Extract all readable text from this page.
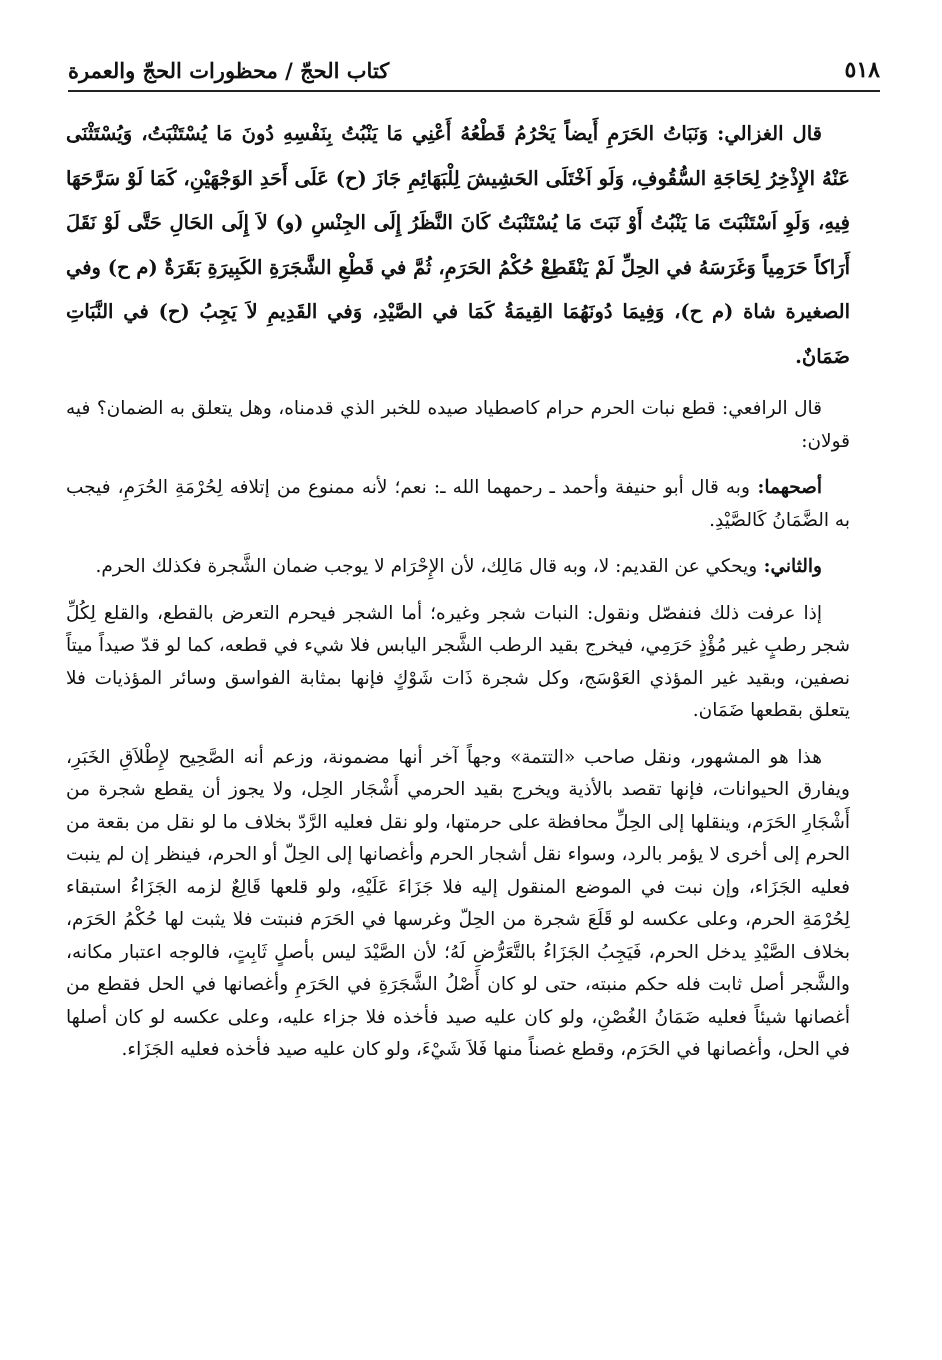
٥١٨
كتاب الحجّ / محظورات الحجّ والعمرة

قال الغزالي: وَنَبَاتُ الحَرَمِ أَيضاً يَحْرُمُ قَطْعُهُ أَعْنِي مَا يَنْبُتُ بِنَفْسِهِ دُونَ مَا يُسْتَنْبَتُ، وَيُسْتَثْنَى عَنْهُ الإِذْخِرُ لِحَاجَةِ السُّقُوفِ، وَلَو اَخْتَلَى الحَشِيشَ لِلْبَهَائِمِ جَازَ (ح) عَلَى أَحَدِ الوَجْهَيْنِ، كَمَا لَوْ سَرَّحَهَا فِيهِ، وَلَوِ اَسْتَنْبَتَ مَا يَنْبُتُ أَوْ نَبَتَ مَا يُسْتَنْبَتُ كَانَ النَّظَرُ إِلَى الجِنْسِ (و) لاَ إِلَى الحَالِ حَتَّى لَوْ نَقَلَ أَرَاكاً حَرَمِياً وَغَرَسَهُ في الحِلِّ لَمْ يَنْقَطِعْ حُكْمُ الحَرَمِ، ثُمَّ في قَطْعِ الشَّجَرَةِ الكَبِيرَةِ بَقَرَةٌ (م ح) وفي الصغيرة شاة (م ح)، وَفِيمَا دُونَهُمَا القِيمَةُ كَمَا في الصَّيْدِ، وَفي القَدِيمِ لاَ يَجِبُ (ح) في النَّبَاتِ ضَمَانٌ.

قال الرافعي: قطع نبات الحرم حرام كاصطياد صيده للخبر الذي قدمناه، وهل يتعلق به الضمان؟ فيه قولان:

أصحهما: وبه قال أبو حنيفة وأحمد ـ رحمهما الله ـ: نعم؛ لأنه ممنوع من إتلافه لِحُرْمَةِ الحُرَمِ، فيجب به الضَّمَانُ كَالصَّيْدِ.

والثاني: ويحكي عن القديم: لا، وبه قال مَالِك، لأن الإِحْرَام لا يوجب ضمان الشَّجرة فكذلك الحرم.

إذا عرفت ذلك فنفصّل ونقول: النبات شجر وغيره؛ أما الشجر فيحرم التعرض بالقطع، والقلع لِكُلِّ شجر رطبٍ غير مُؤْذٍ حَرَمِي، فيخرج بقيد الرطب الشَّجر اليابس فلا شيء في قطعه، كما لو قدّ صيداً ميتاً نصفين، وبقيد غير المؤذي العَوْسَج، وكل شجرة ذَات شَوْكٍ فإنها بمثابة الفواسق وسائر المؤذيات فلا يتعلق بقطعها ضَمَان.

هذا هو المشهور، ونقل صاحب «التتمة» وجهاً آخر أنها مضمونة، وزعم أنه الصَّحِيح لإِطْلاَقِ الخَبَرِ، ويفارق الحيوانات، فإنها تقصد بالأذية ويخرج بقيد الحرمي أَشْجَار الحِل، ولا يجوز أن يقطع شجرة من أَشْجَارِ الحَرَم، وينقلها إلى الحِلِّ محافظة على حرمتها، ولو نقل فعليه الرَّدّ بخلاف ما لو نقل من بقعة من الحرم إلى أخرى لا يؤمر بالرد، وسواء نقل أشجار الحرم وأغصانها إلى الحِلّ أو الحرم، فينظر إن لم ينبت فعليه الجَزَاء، وإن نبت في الموضع المنقول إليه فلا جَزَاءَ عَلَيْهِ، ولو قلعها قَالِعٌ لزمه الجَزَاءُ استبقاء لِحُرْمَةِ الحرم، وعلى عكسه لو قَلَعَ شجرة من الحِلّ وغرسها في الحَرَم فنبتت فلا يثبت لها حُكْمُ الحَرَم، بخلاف الصَّيْدِ يدخل الحرم، فَيَجِبُ الجَزَاءُ بالتَّعَرُّضِ لَهُ؛ لأن الصَّيْدَ ليس بأصلٍ ثَابِتٍ، فالوجه اعتبار مكانه، والشَّجر أصل ثابت فله حكم منبته، حتى لو كان أَصْلُ الشَّجَرَةِ في الحَرَمِ وأغصانها في الحل فقطع من أغصانها شيئاً فعليه ضَمَانُ الغُصْنِ، ولو كان عليه صيد فأخذه فلا جزاء عليه، وعلى عكسه لو كان أصلها في الحل، وأغصانها في الحَرَم، وقطع غصناً منها فَلاَ شَيْءَ، ولو كان عليه صيد فأخذه فعليه الجَزَاء.
